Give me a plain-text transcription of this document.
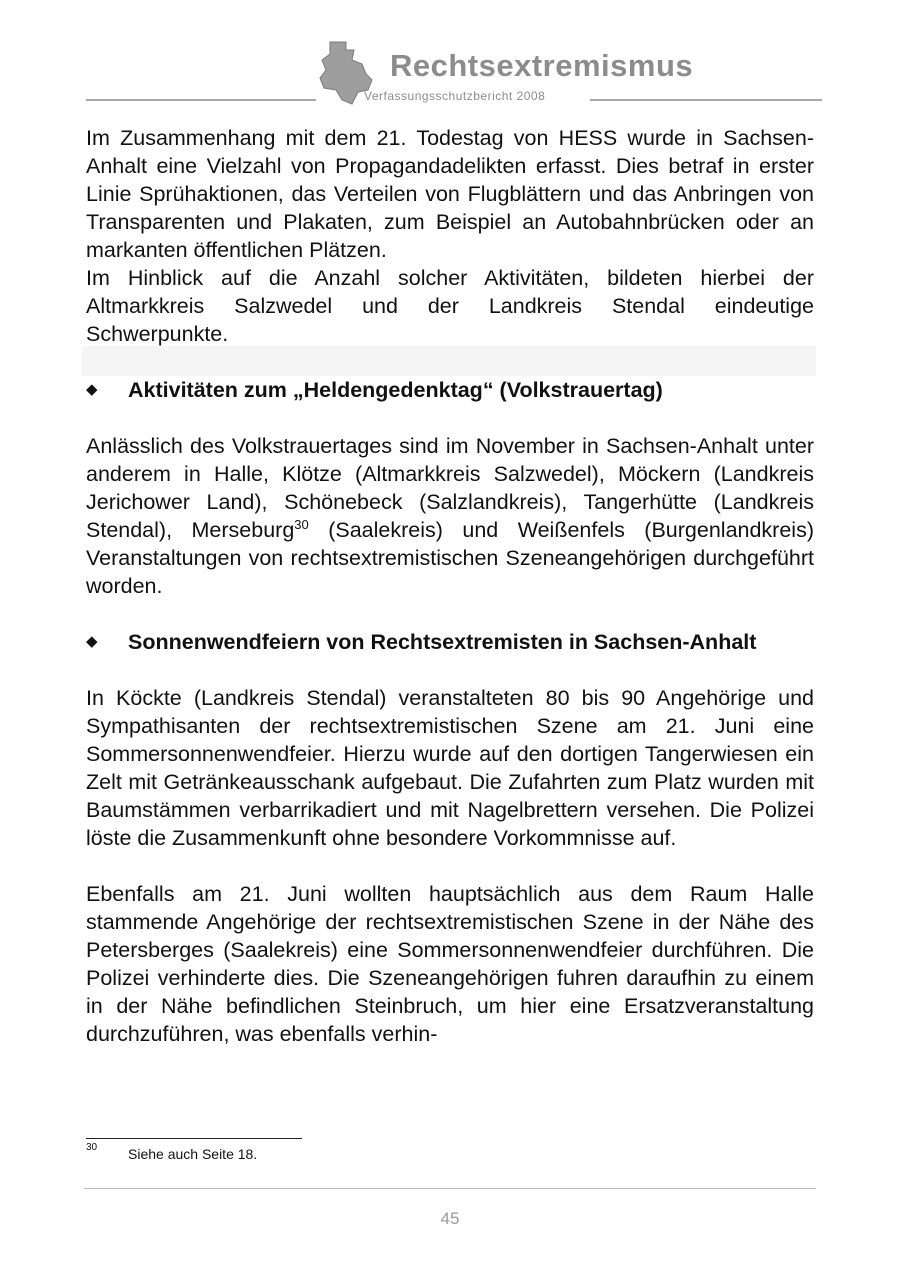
Rechtsextremismus
Verfassungsschutzbericht 2008

Im Zusammenhang mit dem 21. Todestag von HESS wurde in Sachsen-Anhalt eine Vielzahl von Propagandadelikten erfasst. Dies betraf in erster Linie Sprühaktionen, das Verteilen von Flugblättern und das Anbringen von Transparenten und Plakaten, zum Beispiel an Autobahnbrücken oder an markanten öffentlichen Plätzen.

Im Hinblick auf die Anzahl solcher Aktivitäten, bildeten hierbei der Altmarkkreis Salzwedel und der Landkreis Stendal eindeutige Schwerpunkte.

◆ Aktivitäten zum „Heldengedenktag“ (Volkstrauertag)

Anlässlich des Volkstrauertages sind im November in Sachsen-Anhalt unter anderem in Halle, Klötze (Altmarkkreis Salzwedel), Möckern (Landkreis Jerichower Land), Schönebeck (Salzlandkreis), Tangerhütte (Landkreis Stendal), Merseburg$^{30}$ (Saalekreis) und Weißenfels (Burgenlandkreis) Veranstaltungen von rechtsextremistischen Szeneangehörigen durchgeführt worden.

◆ Sonnenwendfeiern von Rechtsextremisten in Sachsen-Anhalt

In Köckte (Landkreis Stendal) veranstalteten 80 bis 90 Angehörige und Sympathisanten der rechtsextremistischen Szene am 21. Juni eine Sommersonnenwendfeier. Hierzu wurde auf den dortigen Tangerwiesen ein Zelt mit Getränkeausschank aufgebaut. Die Zufahrten zum Platz wurden mit Baumstämmen verbarrikadiert und mit Nagelbrettern versehen. Die Polizei löste die Zusammenkunft ohne besondere Vorkommnisse auf.

Ebenfalls am 21. Juni wollten hauptsächlich aus dem Raum Halle stammende Angehörige der rechtsextremistischen Szene in der Nähe des Petersberges (Saalekreis) eine Sommersonnenwendfeier durchführen. Die Polizei verhinderte dies. Die Szeneangehörigen fuhren daraufhin zu einem in der Nähe befindlichen Steinbruch, um hier eine Ersatzveranstaltung durchzuführen, was ebenfalls verhin-

30 Siehe auch Seite 18.
45
